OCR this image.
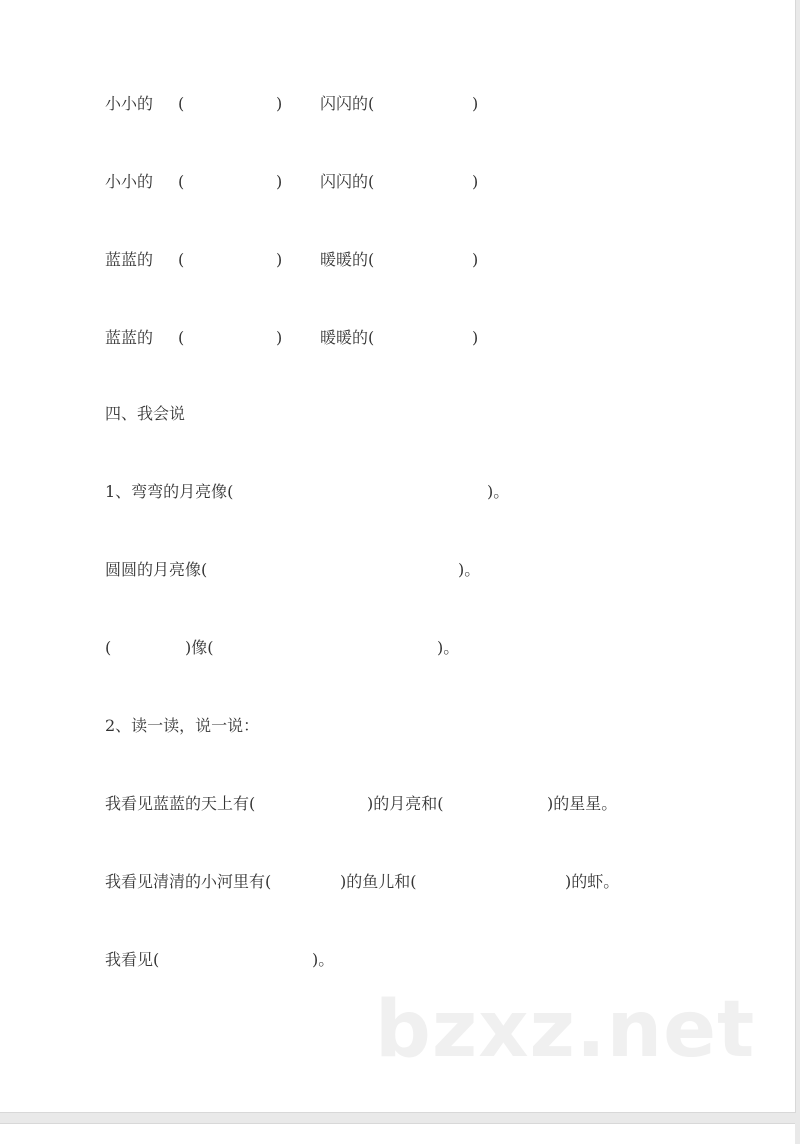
小小的 (	) 闪闪的(	)
小小的 (	) 闪闪的(	)
蓝蓝的 (	) 暖暖的(	)
蓝蓝的 (	) 暖暖的(	)
四、我会说
1、弯弯的月亮像(	)。
圆圆的月亮像(	)。
(	)像(	)。
2、读一读，说一说：
我看见蓝蓝的天上有(	)的月亮和(	)的星星。
我看见清清的小河里有(	)的鱼儿和(	)的虾。
我看见(	)。
bzxz.net
